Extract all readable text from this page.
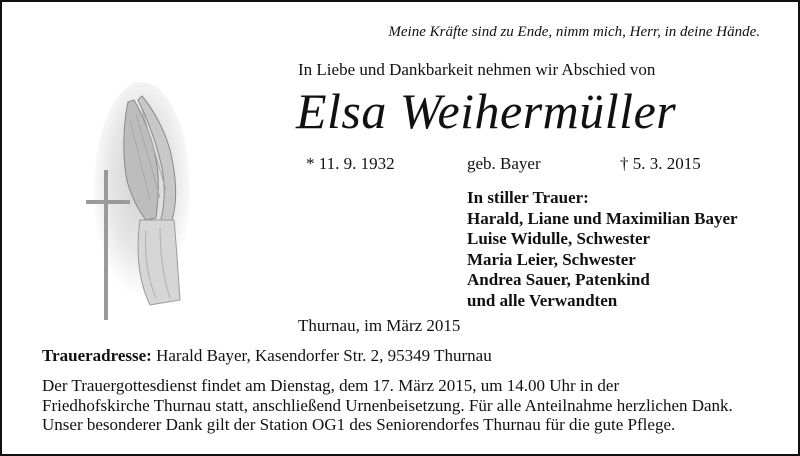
Meine Kräfte sind zu Ende, nimm mich, Herr, in deine Hände.
In Liebe und Dankbarkeit nehmen wir Abschied von
Elsa Weihermüller
* 11. 9. 1932	geb. Bayer	† 5. 3. 2015
In stiller Trauer:
Harald, Liane und Maximilian Bayer
Luise Widulle, Schwester
Maria Leier, Schwester
Andrea Sauer, Patenkind
und alle Verwandten
Thurnau, im März 2015
Traueradresse: Harald Bayer, Kasendorfer Str. 2, 95349 Thurnau
Der Trauergottesdienst findet am Dienstag, dem 17. März 2015, um 14.00 Uhr in der
Friedhofskirche Thurnau statt, anschließend Urnenbeisetzung. Für alle Anteilnahme herzlichen Dank.
Unser besonderer Dank gilt der Station OG1 des Seniorendorfes Thurnau für die gute Pflege.
